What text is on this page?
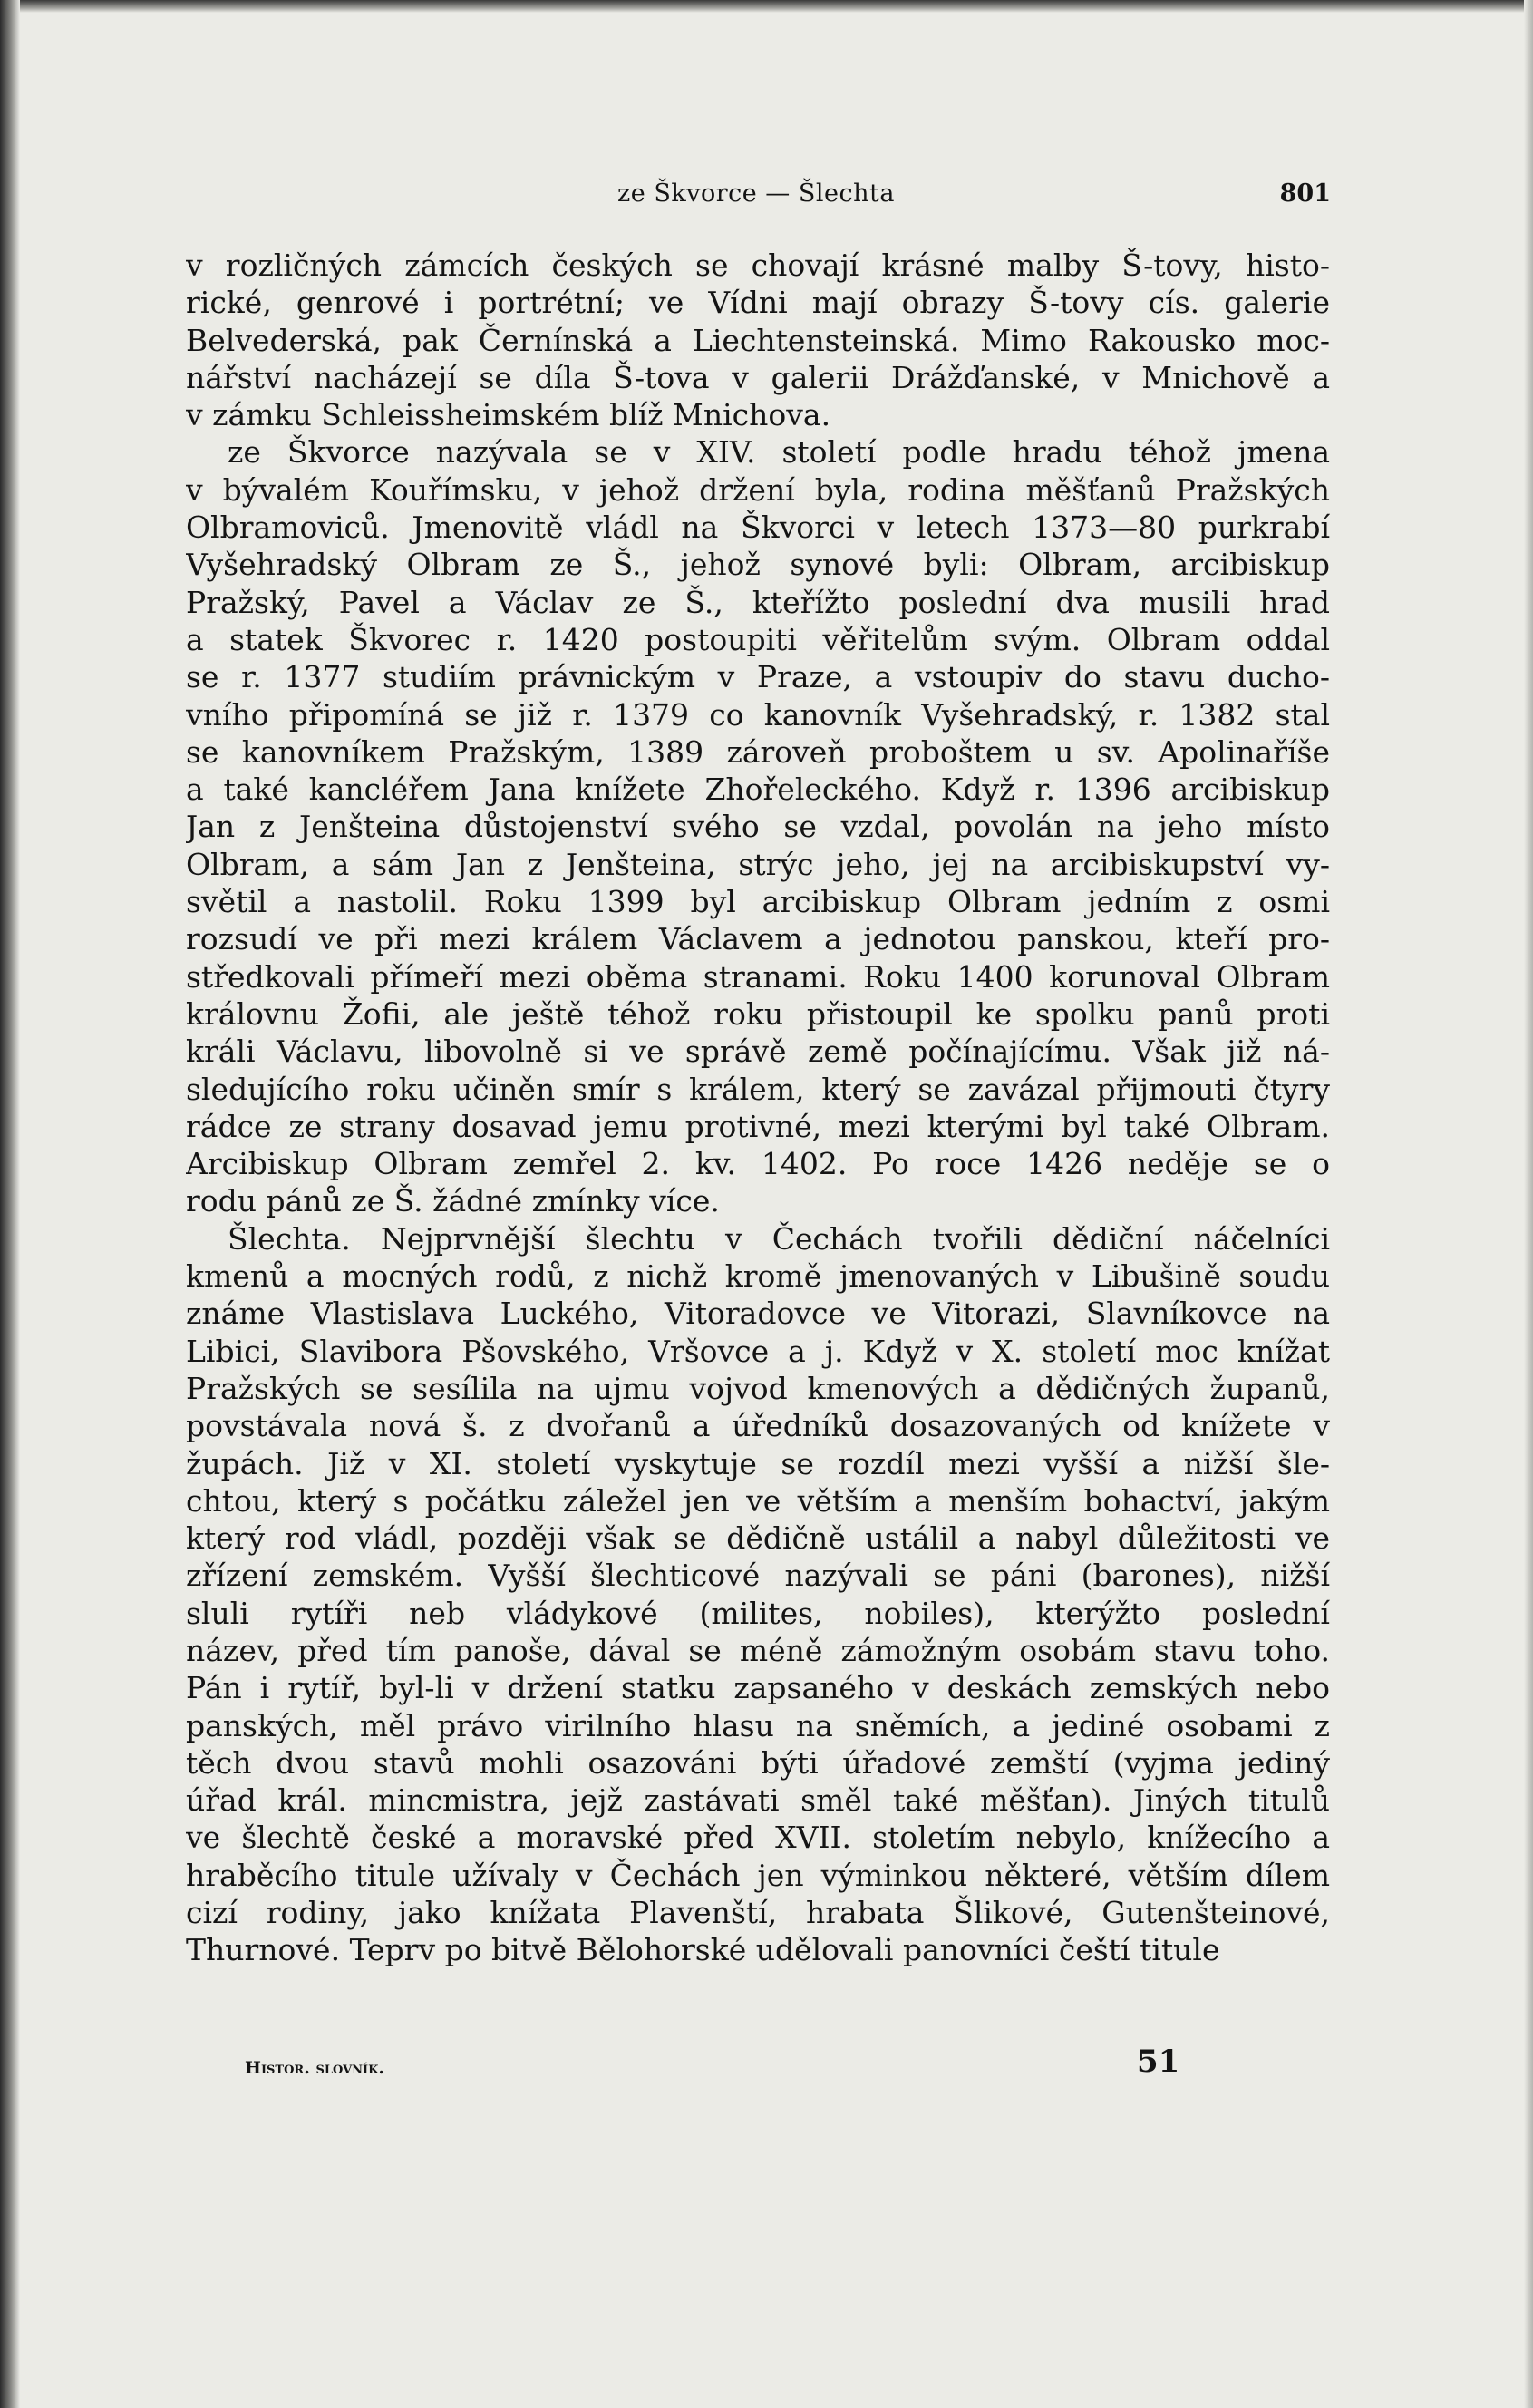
ze Škvorce — Šlechta	801
v rozličných zámcích českých se chovají krásné malby Š-tovy, histo-
rické, genrové i portrétní; ve Vídni mají obrazy Š-tovy cís. galerie
Belvederská, pak Černínská a Liechtensteinská. Mimo Rakousko moc-
nářství nacházejí se díla Š-tova v galerii Drážďanské, v Mnichově a
v zámku Schleissheimském blíž Mnichova.
ze Škvorce nazývala se v XIV. století podle hradu téhož jmena
v bývalém Kouřímsku, v jehož držení byla, rodina měšťanů Pražských
Olbramoviců. Jmenovitě vládl na Škvorci v letech 1373—80 purkrabí
Vyšehradský Olbram ze Š., jehož synové byli: Olbram, arcibiskup
Pražský, Pavel a Václav ze Š., kteřížto poslední dva musili hrad
a statek Škvorec r. 1420 postoupiti věřitelům svým. Olbram oddal
se r. 1377 studiím právnickým v Praze, a vstoupiv do stavu ducho-
vního připomíná se již r. 1379 co kanovník Vyšehradský, r. 1382 stal
se kanovníkem Pražským, 1389 zároveň proboštem u sv. Apolinaříše
a také kancléřem Jana knížete Zhořeleckého. Když r. 1396 arcibiskup
Jan z Jenšteina důstojenství svého se vzdal, povolán na jeho místo
Olbram, a sám Jan z Jenšteina, strýc jeho, jej na arcibiskupství vy-
světil a nastolil. Roku 1399 byl arcibiskup Olbram jedním z osmi
rozsudí ve při mezi králem Václavem a jednotou panskou, kteří pro-
středkovali přímeří mezi oběma stranami. Roku 1400 korunoval Olbram
královnu Žofii, ale ještě téhož roku přistoupil ke spolku panů proti
králi Václavu, libovolně si ve správě země počínajícímu. Však již ná-
sledujícího roku učiněn smír s králem, který se zavázal přijmouti čtyry
rádce ze strany dosavad jemu protivné, mezi kterými byl také Olbram.
Arcibiskup Olbram zemřel 2. kv. 1402. Po roce 1426 neděje se o
rodu pánů ze Š. žádné zmínky více.
Šlechta. Nejprvnější šlechtu v Čechách tvořili dědiční náčelníci
kmenů a mocných rodů, z nichž kromě jmenovaných v Libušině soudu
známe Vlastislava Luckého, Vitoradovce ve Vitorazi, Slavníkovce na
Libici, Slavibora Pšovského, Vršovce a j. Když v X. století moc knížat
Pražských se sesílila na ujmu vojvod kmenových a dědičných županů,
povstávala nová š. z dvořanů a úředníků dosazovaných od knížete v
župách. Již v XI. století vyskytuje se rozdíl mezi vyšší a nižší šle-
chtou, který s počátku záležel jen ve větším a menším bohactví, jakým
který rod vládl, později však se dědičně ustálil a nabyl důležitosti ve
zřízení zemském. Vyšší šlechticové nazývali se páni (barones), nižší
sluli rytíři neb vládykové (milites, nobiles), kterýžto poslední
název, před tím panoše, dával se méně zámožným osobám stavu toho.
Pán i rytíř, byl-li v držení statku zapsaného v deskách zemských nebo
panských, měl právo virilního hlasu na sněmích, a jediné osobami z
těch dvou stavů mohli osazováni býti úřadové zemští (vyjma jediný
úřad král. mincmistra, jejž zastávati směl také měšťan). Jiných titulů
ve šlechtě české a moravské před XVII. stoletím nebylo, knížecího a
hraběcího titule užívaly v Čechách jen výminkou některé, větším dílem
cizí rodiny, jako knížata Plavenští, hrabata Šlikové, Gutenšteinové,
Thurnové. Teprv po bitvě Bělohorské udělovali panovníci čeští titule
Histor. slovník.	51
